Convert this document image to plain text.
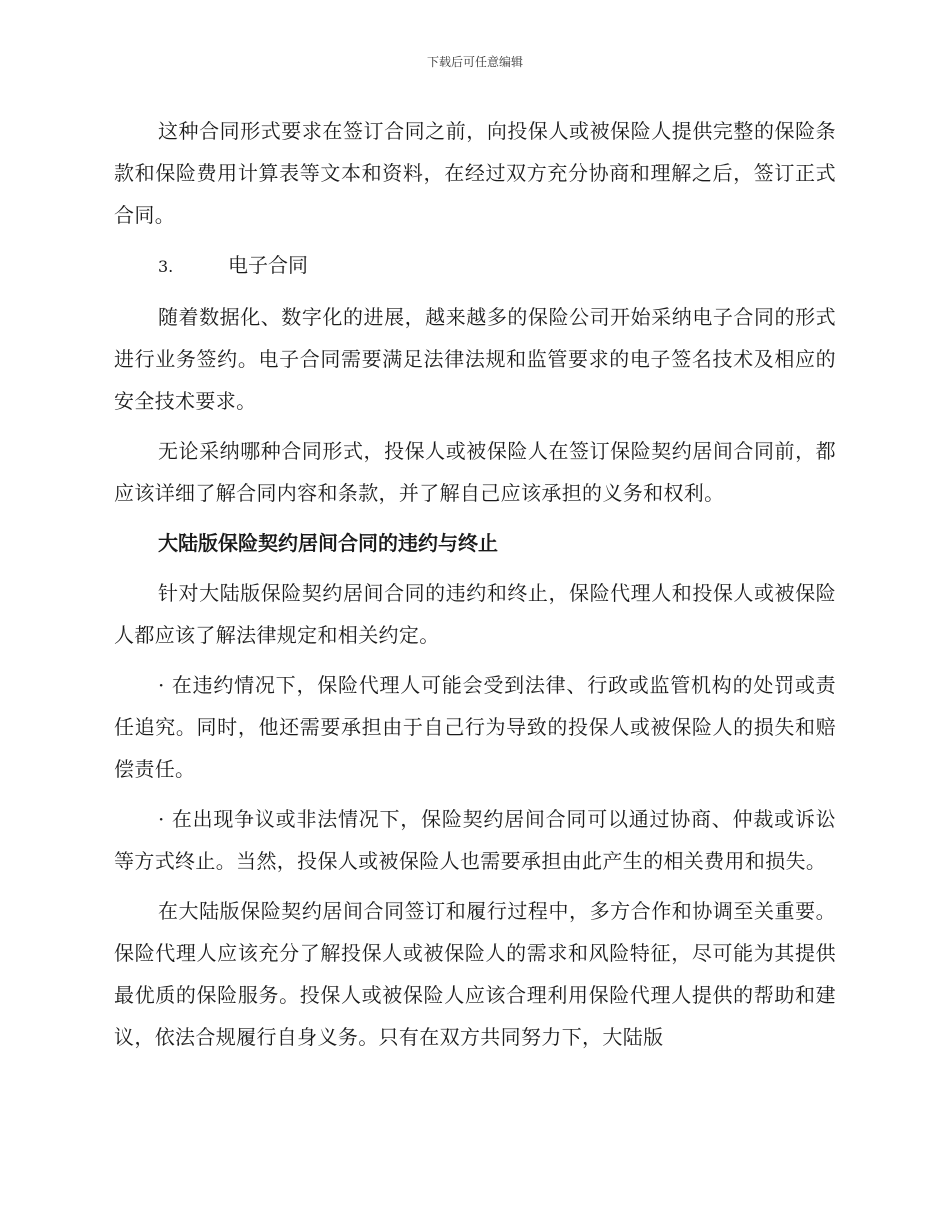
下载后可任意编辑

这种合同形式要求在签订合同之前，向投保人或被保险人提供完整的保险条款和保险费用计算表等文本和资料，在经过双方充分协商和理解之后，签订正式合同。

3.	电子合同

随着数据化、数字化的进展，越来越多的保险公司开始采纳电子合同的形式进行业务签约。电子合同需要满足法律法规和监管要求的电子签名技术及相应的安全技术要求。

无论采纳哪种合同形式，投保人或被保险人在签订保险契约居间合同前，都应该详细了解合同内容和条款，并了解自己应该承担的义务和权利。

大陆版保险契约居间合同的违约与终止

针对大陆版保险契约居间合同的违约和终止，保险代理人和投保人或被保险人都应该了解法律规定和相关约定。

· 在违约情况下，保险代理人可能会受到法律、行政或监管机构的处罚或责任追究。同时，他还需要承担由于自己行为导致的投保人或被保险人的损失和赔偿责任。

· 在出现争议或非法情况下，保险契约居间合同可以通过协商、仲裁或诉讼等方式终止。当然，投保人或被保险人也需要承担由此产生的相关费用和损失。

在大陆版保险契约居间合同签订和履行过程中，多方合作和协调至关重要。保险代理人应该充分了解投保人或被保险人的需求和风险特征，尽可能为其提供最优质的保险服务。投保人或被保险人应该合理利用保险代理人提供的帮助和建议，依法合规履行自身义务。只有在双方共同努力下，大陆版
